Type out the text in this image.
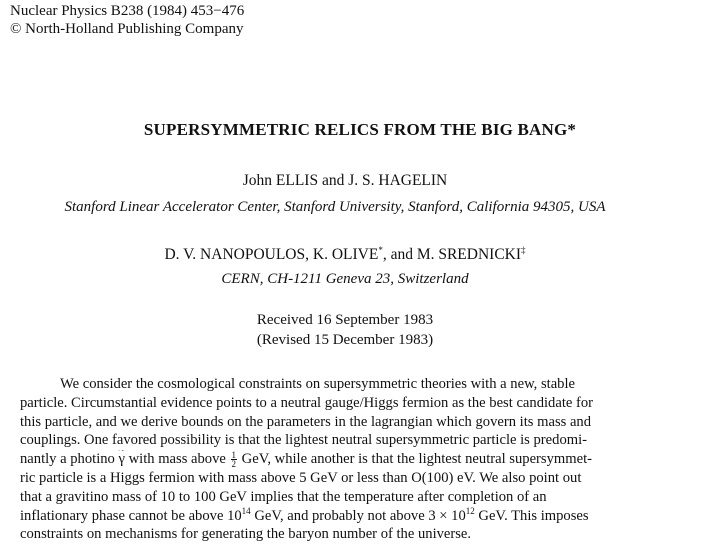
Nuclear Physics B238 (1984) 453−476
© North-Holland Publishing Company
SUPERSYMMETRIC RELICS FROM THE BIG BANG*
John ELLIS and J. S. HAGELIN
Stanford Linear Accelerator Center, Stanford University, Stanford, California 94305, USA
D. V. NANOPOULOS, K. OLIVE*, and M. SREDNICKI‡
CERN, CH-1211 Geneva 23, Switzerland
Received 16 September 1983
(Revised 15 December 1983)
We consider the cosmological constraints on supersymmetric theories with a new, stable
particle. Circumstantial evidence points to a neutral gauge/Higgs fermion as the best candidate for
this particle, and we derive bounds on the parameters in the lagrangian which govern its mass and
couplings. One favored possibility is that the lightest neutral supersymmetric particle is predomi-
nantly a photino γ ~ with mass above $\frac{1}{2}$ GeV, while another is that the lightest neutral supersymmet-
ric particle is a Higgs fermion with mass above 5 GeV or less than O(100) eV. We also point out
that a gravitino mass of 10 to 100 GeV implies that the temperature after completion of an
inflationary phase cannot be above $10^{14}$ GeV, and probably not above $3 \times 10^{12}$ GeV. This imposes
constraints on mechanisms for generating the baryon number of the universe.
